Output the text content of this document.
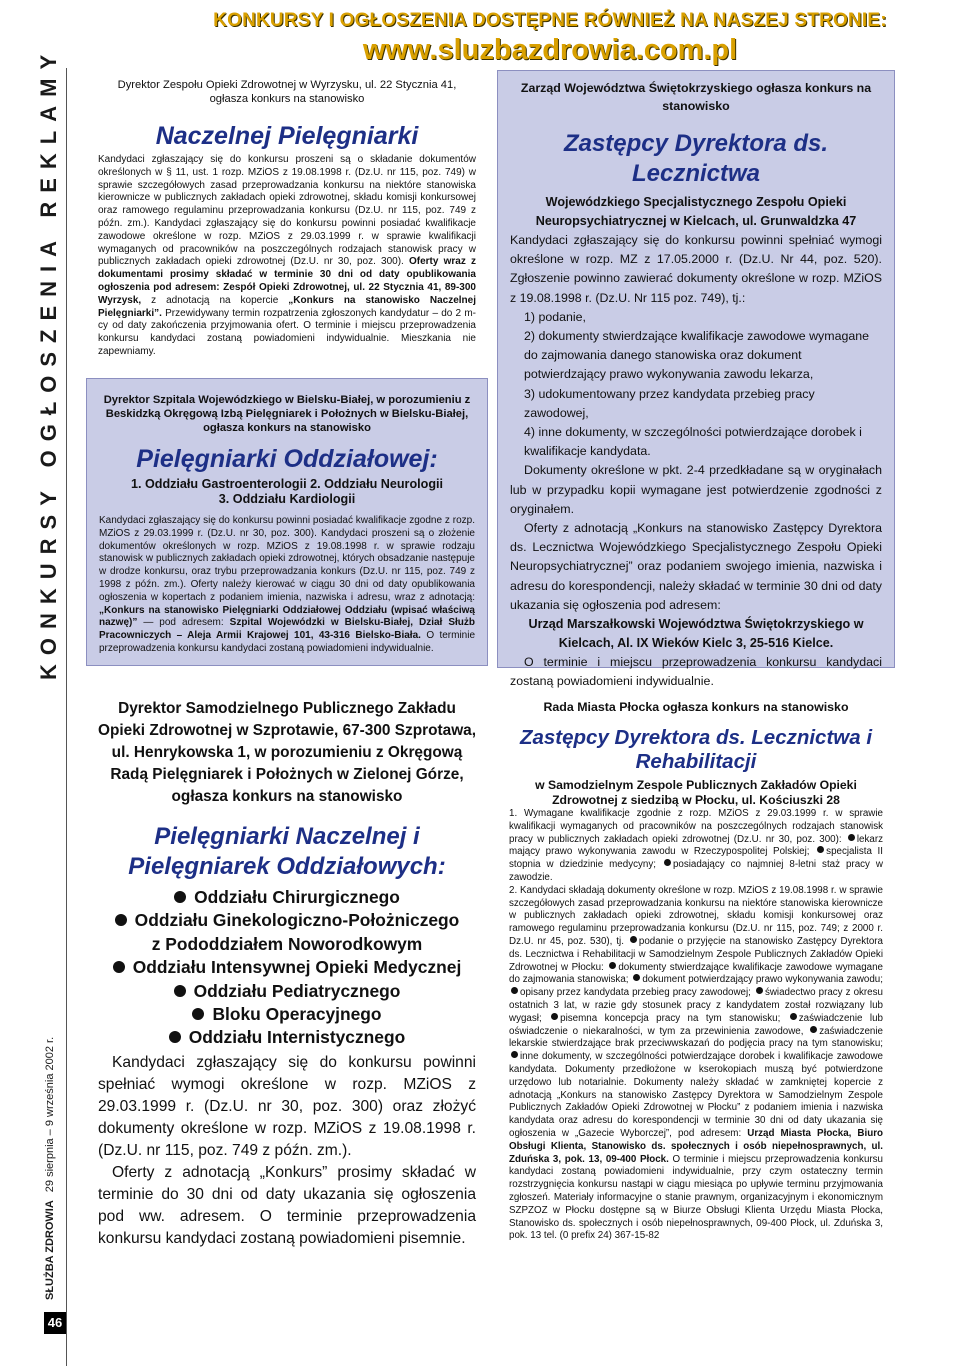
KONKURSY I OGŁOSZENIA DOSTĘPNE RÓWNIEŻ NA NASZEJ STRONIE:
www.sluzbazdrowia.com.pl
KONKURSY OGŁOSZENIA REKLAMY
SŁUŻBA ZDROWIA29 sierpnia – 9 września 2002 r.
46
Dyrektor Zespołu Opieki Zdrowotnej w Wyrzysku, ul. 22 Stycznia 41, ogłasza konkurs na stanowisko
Naczelnej Pielęgniarki
Kandydaci zgłaszający się do konkursu proszeni są o składanie dokumentów określonych w § 11, ust. 1 rozp. MZiOS z 19.08.1998 r. (Dz.U. nr 115, poz. 749) w sprawie szczegółowych zasad przeprowadzania konkursu na niektóre stanowiska kierownicze w publicznych zakładach opieki zdrowotnej, składu komisji konkursowej oraz ramowego regulaminu przeprowadzania konkursu (Dz.U. nr 115, poz. 749 z późn. zm.). Kandydaci zgłaszający się do konkursu powinni posiadać kwalifikacje zawodowe określone w rozp. MZiOS z 29.03.1999 r. w sprawie kwalifikacji wymaganych od pracowników na poszczególnych rodzajach stanowisk pracy w publicznych zakładach opieki zdrowotnej (Dz.U. nr 30, poz. 300). Oferty wraz z dokumentami prosimy składać w terminie 30 dni od daty opublikowania ogłoszenia pod adresem: Zespół Opieki Zdrowotnej, ul. 22 Stycznia 41, 89-300 Wyrzysk, z adnotacją na kopercie „Konkurs na stanowisko Naczelnej Pielęgniarki”. Przewidywany termin rozpatrzenia zgłoszonych kandydatur – do 2 m-cy od daty zakończenia przyjmowania ofert. O terminie i miejscu przeprowadzenia konkursu kandydaci zostaną powiadomieni indywidualnie. Mieszkania nie zapewniamy.
Dyrektor Szpitala Wojewódzkiego w Bielsku-Białej, w porozumieniu z Beskidzką Okręgową Izbą Pielęgniarek i Położnych w Bielsku-Białej, ogłasza konkurs na stanowisko
Pielęgniarki Oddziałowej:
1. Oddziału Gastroenterologii 2. Oddziału Neurologii
3. Oddziału Kardiologii
Kandydaci zgłaszający się do konkursu powinni posiadać kwalifikacje zgodne z rozp. MZiOS z 29.03.1999 r. (Dz.U. nr 30, poz. 300). Kandydaci proszeni są o złożenie dokumentów określonych w rozp. MZiOS z 19.08.1998 r. w sprawie rodzaju stanowisk w publicznych zakładach opieki zdrowotnej, których obsadzanie następuje w drodze konkursu, oraz trybu przeprowadzania konkurs (Dz.U. nr 115, poz. 749 z 1998 z późn. zm.). Oferty należy kierować w ciągu 30 dni od daty opublikowania ogłoszenia w kopertach z podaniem imienia, nazwiska i adresu, wraz z adnotacją: „Konkurs na stanowisko Pielęgniarki Oddziałowej Oddziału (wpisać właściwą nazwę)” — pod adresem: Szpital Wojewódzki w Bielsku-Białej, Dział Służb Pracowniczych – Aleja Armii Krajowej 101, 43-316 Bielsko-Biała. O terminie przeprowadzenia konkursu kandydaci zostaną powiadomieni indywidualnie.
Zarząd Województwa Świętokrzyskiego ogłasza konkurs na stanowisko
Zastępcy Dyrektora ds. Lecznictwa
Wojewódzkiego Specjalistycznego Zespołu Opieki Neuropsychiatrycznej w Kielcach, ul. Grunwaldzka 47
Kandydaci zgłaszający się do konkursu powinni spełniać wymogi określone w rozp. MZ z 17.05.2000 r. (Dz.U. Nr 44, poz. 520). Zgłoszenie powinno zawierać dokumenty określone w rozp. MZiOS z 19.08.1998 r. (Dz.U. Nr 115 poz. 749), tj.:
1) podanie,
2) dokumenty stwierdzające kwalifikacje zawodowe wymagane do zajmowania danego stanowiska oraz dokument potwierdzający prawo wykonywania zawodu lekarza,
3) udokumentowany przez kandydata przebieg pracy zawodowej,
4) inne dokumenty, w szczególności potwierdzające dorobek i kwalifikacje kandydata.
Dokumenty określone w pkt. 2-4 przedkładane są w oryginałach lub w przypadku kopii wymagane jest potwierdzenie zgodności z oryginałem.
Oferty z adnotacją „Konkurs na stanowisko Zastępcy Dyrektora ds. Lecznictwa Wojewódzkiego Specjalistycznego Zespołu Opieki Neuropsychiatrycznej” oraz podaniem swojego imienia, nazwiska i adresu do korespondencji, należy składać w terminie 30 dni od daty ukazania się ogłoszenia pod adresem:
Urząd Marszałkowski Województwa Świętokrzyskiego w Kielcach, Al. IX Wieków Kielc 3, 25-516 Kielce.
O terminie i miejscu przeprowadzenia konkursu kandydaci zostaną powiadomieni indywidualnie.
Dyrektor Samodzielnego Publicznego Zakładu Opieki Zdrowotnej w Szprotawie, 67-300 Szprotawa, ul. Henrykowska 1, w porozumieniu z Okręgową Radą Pielęgniarek i Położnych w Zielonej Górze, ogłasza konkurs na stanowisko
Pielęgniarki Naczelnej i Pielęgniarek Oddziałowych:
Oddziału Chirurgicznego
Oddziału Ginekologiczno-Położniczego
z Pododdziałem Noworodkowym
Oddziału Intensywnej Opieki Medycznej
Oddziału Pediatrycznego
Bloku Operacyjnego
Oddziału Internistycznego
Kandydaci zgłaszający się do konkursu powinni spełniać wymogi określone w rozp. MZiOS z 29.03.1999 r. (Dz.U. nr 30, poz. 300) oraz złożyć dokumenty określone w rozp. MZiOS z 19.08.1998 r. (Dz.U. nr 115, poz. 749 z późn. zm.).
Oferty z adnotacją „Konkurs” prosimy składać w terminie do 30 dni od daty ukazania się ogłoszenia pod ww. adresem. O terminie przeprowadzenia konkursu kandydaci zostaną powiadomieni pisemnie.
Rada Miasta Płocka ogłasza konkurs na stanowisko
Zastępcy Dyrektora ds. Lecznictwa i Rehabilitacji
w Samodzielnym Zespole Publicznych Zakładów Opieki Zdrowotnej z siedzibą w Płocku, ul. Kościuszki 28
1. Wymagane kwalifikacje zgodnie z rozp. MZiOS z 29.03.1999 r. w sprawie kwalifikacji wymaganych od pracowników na poszczególnych rodzajach stanowisk pracy w publicznych zakładach opieki zdrowotnej (Dz.U. nr 30, poz. 300): lekarz mający prawo wykonywania zawodu w Rzeczypospolitej Polskiej; specjalista II stopnia w dziedzinie medycyny; posiadający co najmniej 8-letni staż pracy w zawodzie.
2. Kandydaci składają dokumenty określone w rozp. MZiOS z 19.08.1998 r. w sprawie szczegółowych zasad przeprowadzania konkursu na niektóre stanowiska kierownicze w publicznych zakładach opieki zdrowotnej, składu komisji konkursowej oraz ramowego regulaminu przeprowadzania konkursu (Dz.U. nr 115, poz. 749; z 2000 r. Dz.U. nr 45, poz. 530), tj. podanie o przyjęcie na stanowisko Zastępcy Dyrektora ds. Lecznictwa i Rehabilitacji w Samodzielnym Zespole Publicznych Zakładów Opieki Zdrowotnej w Płocku: dokumenty stwierdzające kwalifikacje zawodowe wymagane do zajmowania stanowiska; dokument potwierdzający prawo wykonywania zawodu; opisany przez kandydata przebieg pracy zawodowej; świadectwo pracy z okresu ostatnich 3 lat, w razie gdy stosunek pracy z kandydatem został rozwiązany lub wygasł; pisemna koncepcja pracy na tym stanowisku; zaświadczenie lub oświadczenie o niekaralności, w tym za przewinienia zawodowe, zaświadczenie lekarskie stwierdzające brak przeciwwskazań do podjęcia pracy na tym stanowisku; inne dokumenty, w szczególności potwierdzające dorobek i kwalifikacje zawodowe kandydata. Dokumenty przedłożone w kserokopiach muszą być potwierdzone urzędowo lub notarialnie. Dokumenty należy składać w zamkniętej kopercie z adnotacją „Konkurs na stanowisko Zastępcy Dyrektora w Samodzielnym Zespole Publicznych Zakładów Opieki Zdrowotnej w Płocku” z podaniem imienia i nazwiska kandydata oraz adresu do korespondencji w terminie 30 dni od daty ukazania się ogłoszenia w „Gazecie Wyborczej”, pod adresem: Urząd Miasta Płocka, Biuro Obsługi Klienta, Stanowisko ds. społecznych i osób niepełnosprawnych, ul. Zduńska 3, pok. 13, 09-400 Płock. O terminie i miejscu przeprowadzenia konkursu kandydaci zostaną powiadomieni indywidualnie, przy czym ostateczny termin rozstrzygnięcia konkursu nastąpi w ciągu miesiąca po upływie terminu przyjmowania zgłoszeń. Materiały informacyjne o stanie prawnym, organizacyjnym i ekonomicznym SZPZOZ w Płocku dostępne są w Biurze Obsługi Klienta Urzędu Miasta Płocka, Stanowisko ds. społecznych i osób niepełnosprawnych, 09-400 Płock, ul. Zduńska 3, pok. 13 tel. (0 prefix 24) 367-15-82
